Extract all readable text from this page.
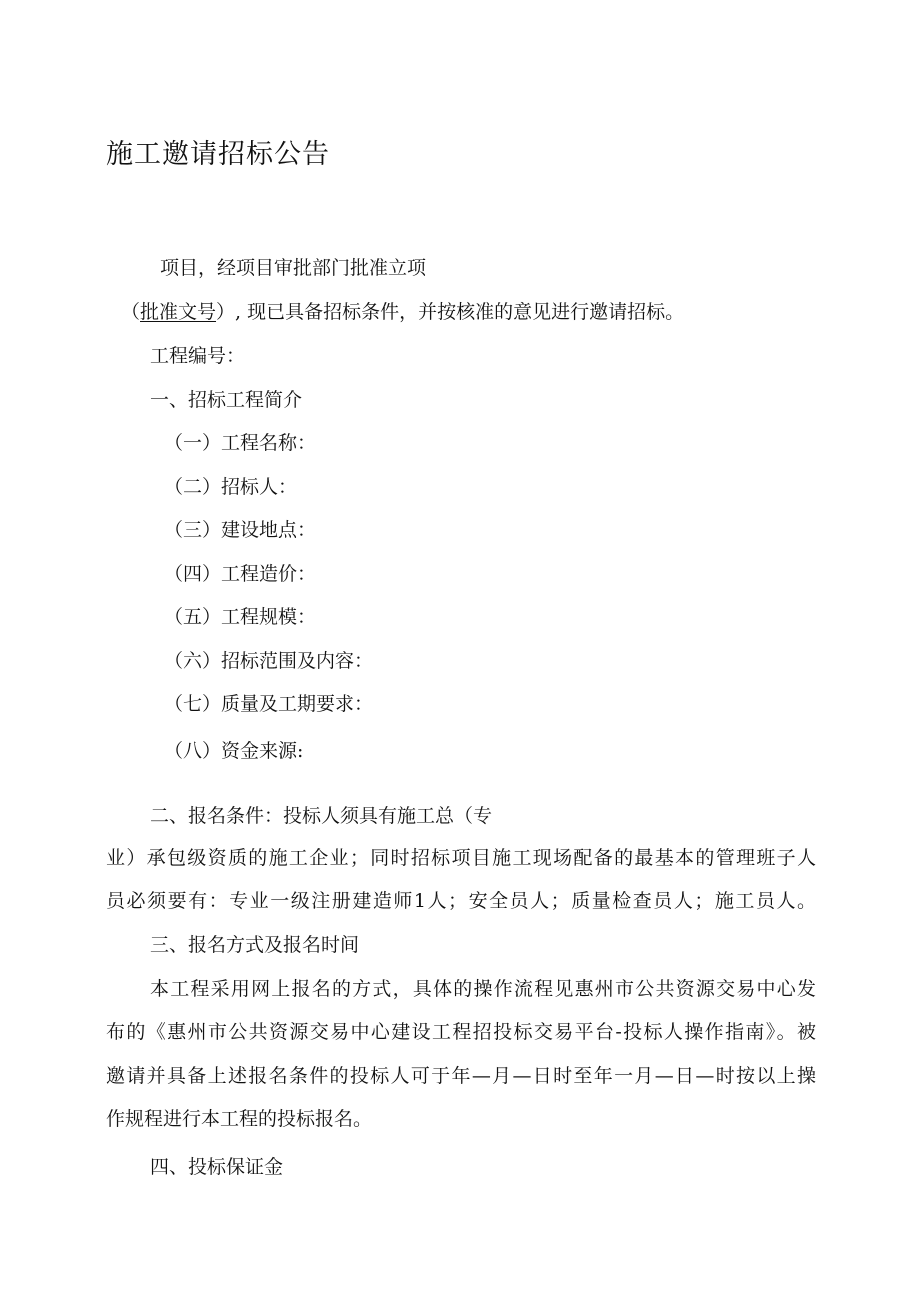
施工邀请招标公告
项目，经项目审批部门批准立项
（批准文号）, 现已具备招标条件，并按核准的意见进行邀请招标。
工程编号：
一、招标工程简介
（一）工程名称：
（二）招标人：
（三）建设地点：
（四）工程造价：
（五）工程规模：
（六）招标范围及内容：
（七）质量及工期要求：
（八）资金来源:
二、报名条件：投标人须具有施工总（专
业）承包级资质的施工企业；同时招标项目施工现场配备的最基本的管理班子人
员必须要有：专业一级注册建造师1人；安全员人；质量检查员人；施工员人。
三、报名方式及报名时间
本工程采用网上报名的方式，具体的操作流程见惠州市公共资源交易中心发
布的《惠州市公共资源交易中心建设工程招投标交易平台-投标人操作指南》。被
邀请并具备上述报名条件的投标人可于年—月—日时至年一月—日—时按以上操
作规程进行本工程的投标报名。
四、投标保证金
